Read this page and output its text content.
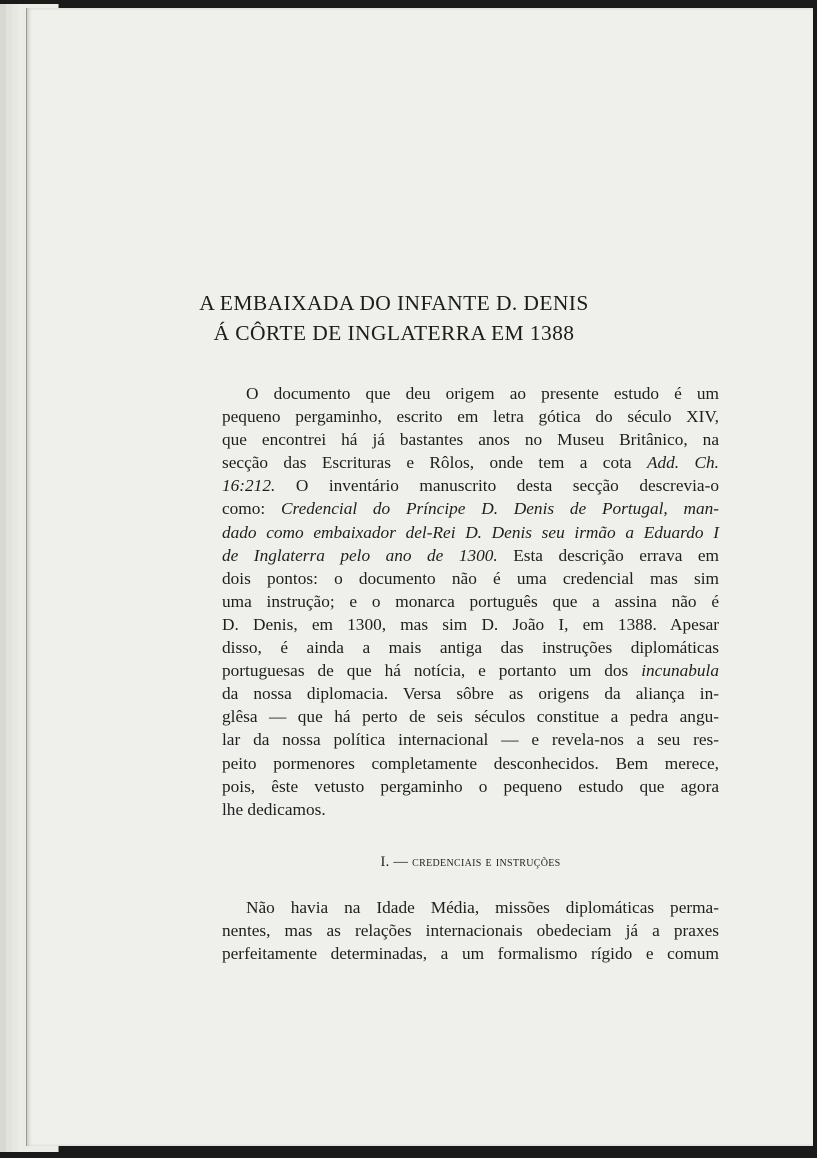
A EMBAIXADA DO INFANTE D. DENIS
Á CÔRTE DE INGLATERRA EM 1388
O documento que deu origem ao presente estudo é um
pequeno pergaminho, escrito em letra gótica do século XIV,
que encontrei há já bastantes anos no Museu Britânico, na
secção das Escrituras e Rôlos, onde tem a cota Add. Ch.
16:212. O inventário manuscrito desta secção descrevia-o
como: Credencial do Príncipe D. Denis de Portugal, man-
dado como embaixador del-Rei D. Denis seu irmão a Eduardo I
de Inglaterra pelo ano de 1300. Esta descrição errava em
dois pontos: o documento não é uma credencial mas sim
uma instrução; e o monarca português que a assina não é
D. Denis, em 1300, mas sim D. João I, em 1388. Apesar
disso, é ainda a mais antiga das instruções diplomáticas
portuguesas de que há notícia, e portanto um dos incunabula
da nossa diplomacia. Versa sôbre as origens da aliança in-
glêsa — que há perto de seis séculos constitue a pedra angu-
lar da nossa política internacional — e revela-nos a seu res-
peito pormenores completamente desconhecidos. Bem merece,
pois, êste vetusto pergaminho o pequeno estudo que agora
lhe dedicamos.
I. — credenciais e instruções
Não havia na Idade Média, missões diplomáticas perma-
nentes, mas as relações internacionais obedeciam já a praxes
perfeitamente determinadas, a um formalismo rígido e comum
